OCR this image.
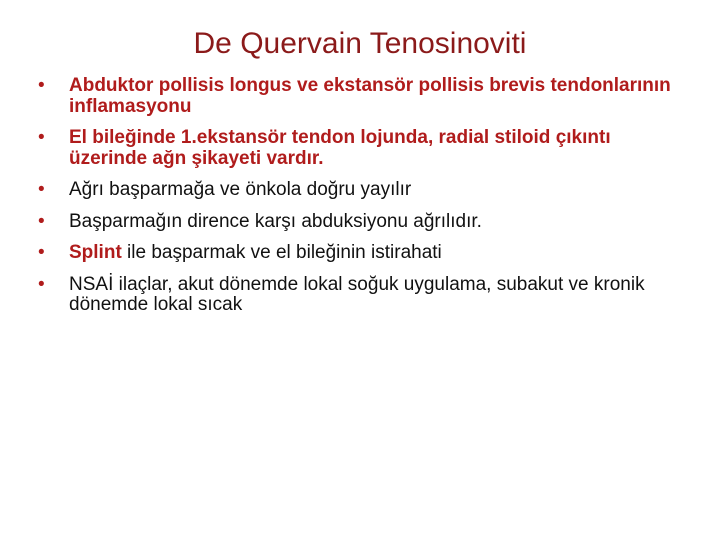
De Quervain Tenosinoviti
•	Abduktor pollisis longus ve ekstansör pollisis brevis tendonlarının inflamasyonu
•	El bileğinde 1.ekstansör tendon lojunda, radial stiloid çıkıntı üzerinde ağn şikayeti vardır.
•	Ağrı başparmağa ve önkola doğru yayılır
•	Başparmağın dirence karşı abduksiyonu ağrılıdır.
•	Splint ile başparmak ve el bileğinin istirahati
•	NSAİ ilaçlar, akut dönemde lokal soğuk uygulama, subakut ve kronik dönemde lokal sıcak
